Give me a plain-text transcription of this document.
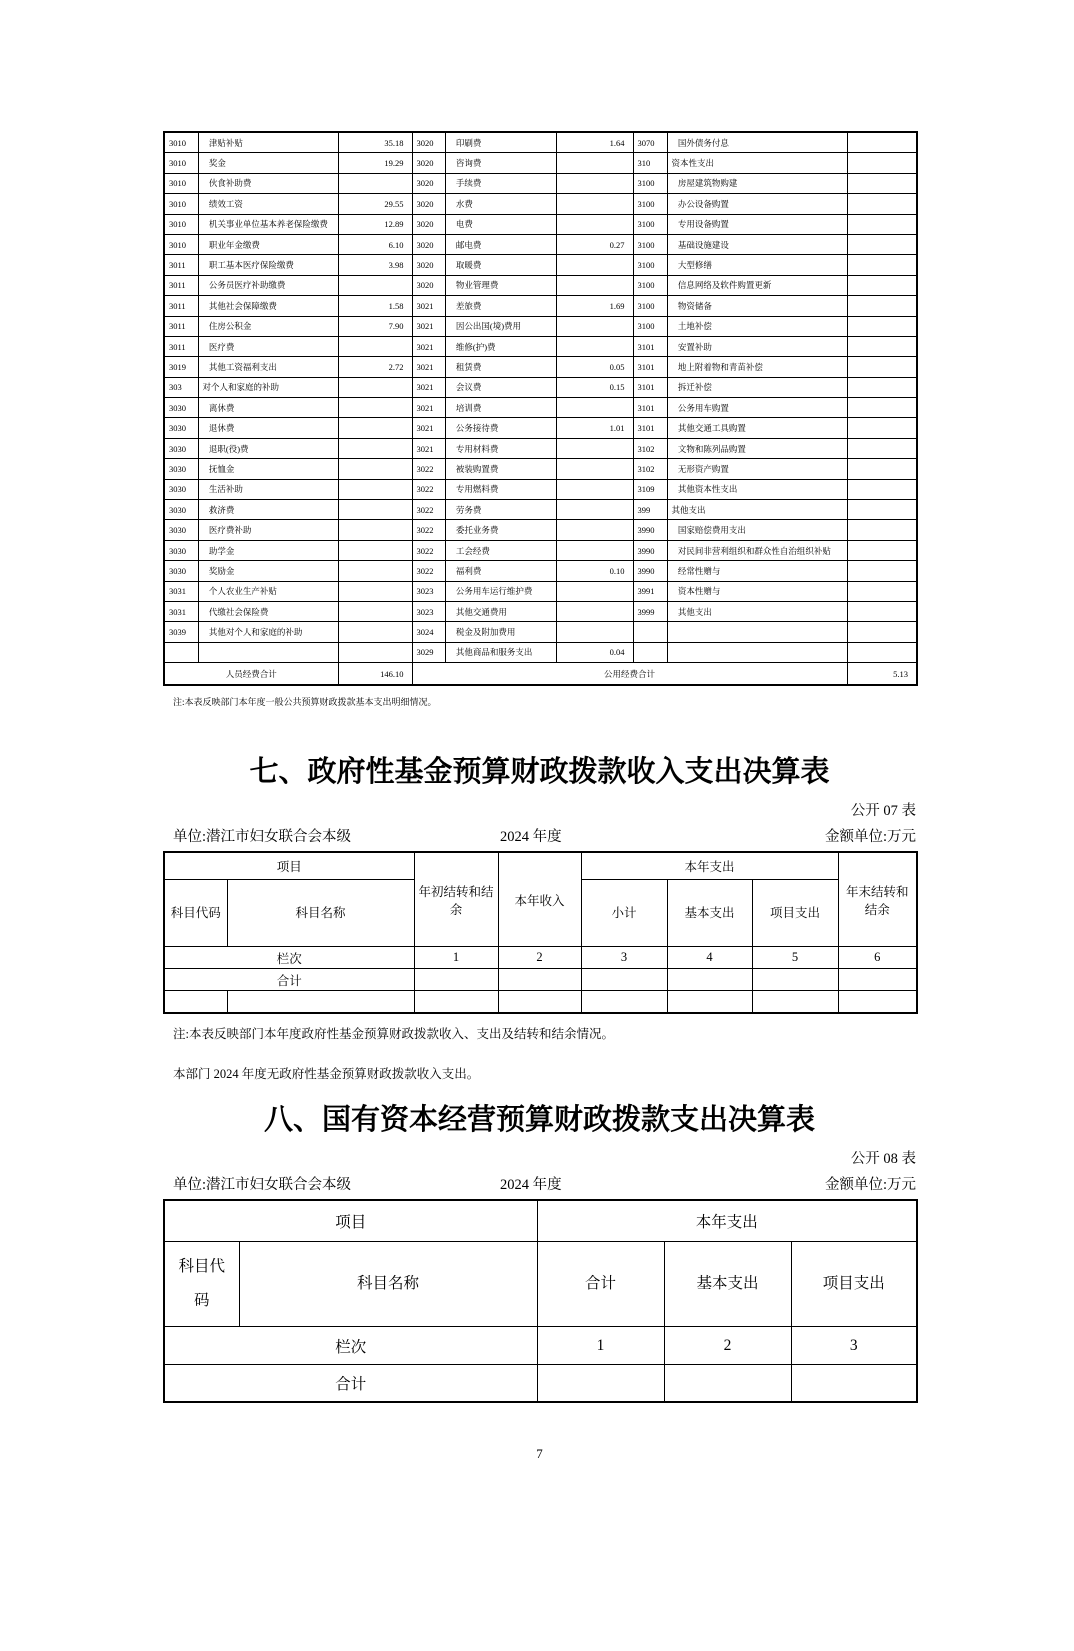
3010	津贴补贴	35.18	3020	印刷费	1.64	3070	国外债务付息	
3010	奖金	19.29	3020	咨询费		310	资本性支出	
3010	伙食补助费		3020	手续费		3100	房屋建筑物购建	
3010	绩效工资	29.55	3020	水费		3100	办公设备购置	
3010	机关事业单位基本养老保险缴费	12.89	3020	电费		3100	专用设备购置	
3010	职业年金缴费	6.10	3020	邮电费	0.27	3100	基础设施建设	
3011	职工基本医疗保险缴费	3.98	3020	取暖费		3100	大型修缮	
3011	公务员医疗补助缴费		3020	物业管理费		3100	信息网络及软件购置更新	
3011	其他社会保障缴费	1.58	3021	差旅费	1.69	3100	物资储备	
3011	住房公积金	7.90	3021	因公出国(境)费用		3100	土地补偿	
3011	医疗费		3021	维修(护)费		3101	安置补助	
3019	其他工资福利支出	2.72	3021	租赁费	0.05	3101	地上附着物和青苗补偿	
303	对个人和家庭的补助		3021	会议费	0.15	3101	拆迁补偿	
3030	离休费		3021	培训费		3101	公务用车购置	
3030	退休费		3021	公务接待费	1.01	3101	其他交通工具购置	
3030	退职(役)费		3021	专用材料费		3102	文物和陈列品购置	
3030	抚恤金		3022	被装购置费		3102	无形资产购置	
3030	生活补助		3022	专用燃料费		3109	其他资本性支出	
3030	救济费		3022	劳务费		399	其他支出	
3030	医疗费补助		3022	委托业务费		3990	国家赔偿费用支出	
3030	助学金		3022	工会经费		3990	对民间非营利组织和群众性自治组织补贴	
3030	奖励金		3022	福利费	0.10	3990	经常性赠与	
3031	个人农业生产补贴		3023	公务用车运行维护费		3991	资本性赠与	
3031	代缴社会保险费		3023	其他交通费用		3999	其他支出	
3039	其他对个人和家庭的补助		3024	税金及附加费用				
			3029	其他商品和服务支出	0.04			
人员经费合计		146.10	公用经费合计					5.13
注:本表反映部门本年度一般公共预算财政拨款基本支出明细情况。
七、政府性基金预算财政拨款收入支出决算表
公开 07 表
单位:潜江市妇女联合会本级	2024 年度	金额单位:万元
项目		年初结转和结余	本年收入	本年支出			年末结转和结余
科目代码	科目名称			小计	基本支出	项目支出	
栏次		1	2	3	4	5	6
合计							

注:本表反映部门本年度政府性基金预算财政拨款收入、支出及结转和结余情况。
本部门 2024 年度无政府性基金预算财政拨款收入支出。
八、国有资本经营预算财政拨款支出决算表
公开 08 表
单位:潜江市妇女联合会本级	2024 年度	金额单位:万元
项目		本年支出		
科目代码	科目名称	合计	基本支出	项目支出
栏次		1	2	3
合计				
7
